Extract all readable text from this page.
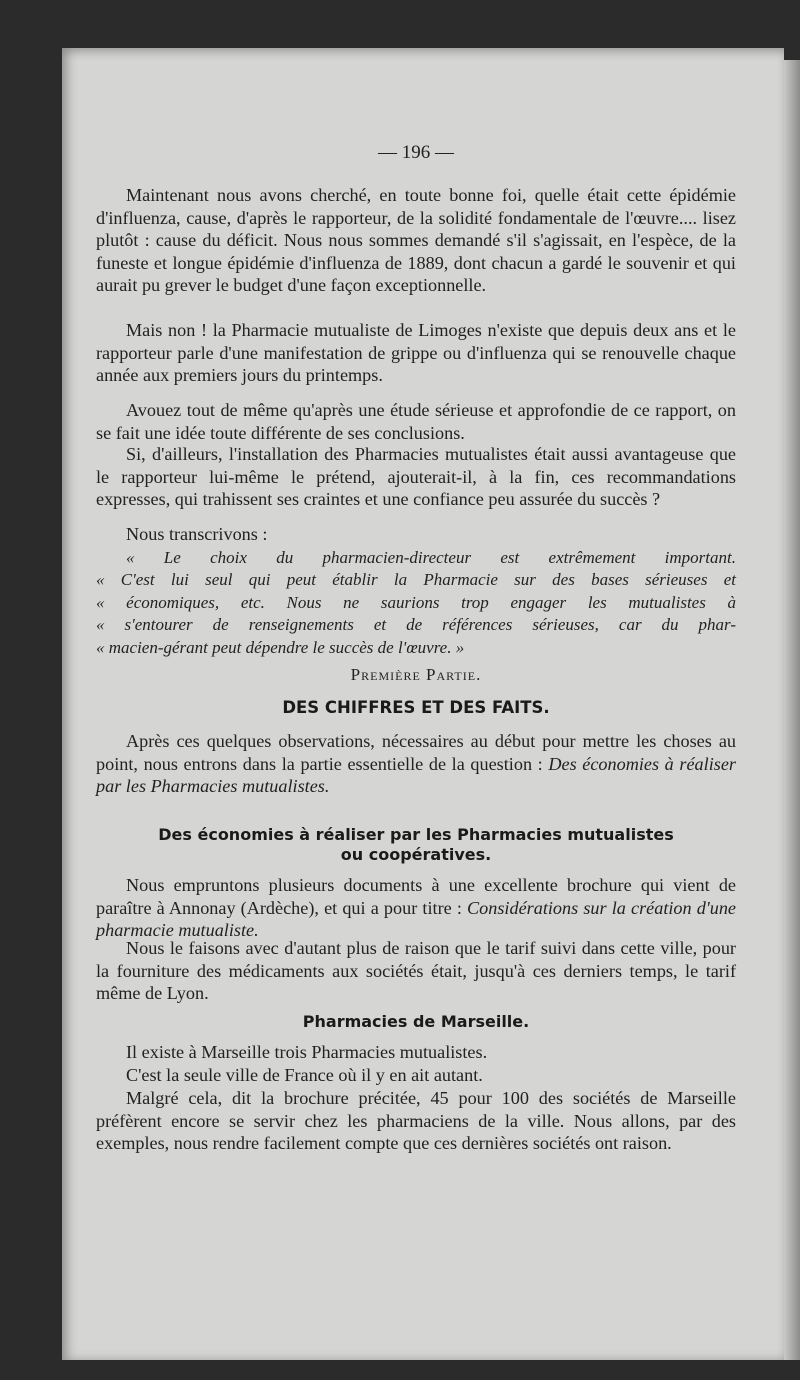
— 196 —

Maintenant nous avons cherché, en toute bonne foi, quelle était cette épidémie d'influenza, cause, d'après le rapporteur, de la solidité fondamentale de l'œuvre.... lisez plutôt : cause du déficit. Nous nous sommes demandé s'il s'agissait, en l'espèce, de la funeste et longue épidémie d'influenza de 1889, dont chacun a gardé le souvenir et qui aurait pu grever le budget d'une façon exceptionnelle.

Mais non ! la Pharmacie mutualiste de Limoges n'existe que depuis deux ans et le rapporteur parle d'une manifestation de grippe ou d'influenza qui se renouvelle chaque année aux premiers jours du printemps.

Avouez tout de même qu'après une étude sérieuse et approfondie de ce rapport, on se fait une idée toute différente de ses conclusions.

Si, d'ailleurs, l'installation des Pharmacies mutualistes était aussi avantageuse que le rapporteur lui-même le prétend, ajouterait-il, à la fin, ces recommandations expresses, qui trahissent ses craintes et une confiance peu assurée du succès ?

Nous transcrivons :

« Le choix du pharmacien-directeur est extrêmement important.
« C'est lui seul qui peut établir la Pharmacie sur des bases sérieuses et
« économiques, etc. Nous ne saurions trop engager les mutualistes à
« s'entourer de renseignements et de références sérieuses, car du phar-
« macien-gérant peut dépendre le succès de l'œuvre. »
Première Partie.
DES CHIFFRES ET DES FAITS.

Après ces quelques observations, nécessaires au début pour mettre les choses au point, nous entrons dans la partie essentielle de la question : Des économies à réaliser par les Pharmacies mutualistes.

Des économies à réaliser par les Pharmacies mutualistes
ou coopératives.

Nous empruntons plusieurs documents à une excellente brochure qui vient de paraître à Annonay (Ardèche), et qui a pour titre : Considérations sur la création d'une pharmacie mutualiste.

Nous le faisons avec d'autant plus de raison que le tarif suivi dans cette ville, pour la fourniture des médicaments aux sociétés était, jusqu'à ces derniers temps, le tarif même de Lyon.

Pharmacies de Marseille.

Il existe à Marseille trois Pharmacies mutualistes.

C'est la seule ville de France où il y en ait autant.

Malgré cela, dit la brochure précitée, 45 pour 100 des sociétés de Marseille préfèrent encore se servir chez les pharmaciens de la ville. Nous allons, par des exemples, nous rendre facilement compte que ces dernières sociétés ont raison.
